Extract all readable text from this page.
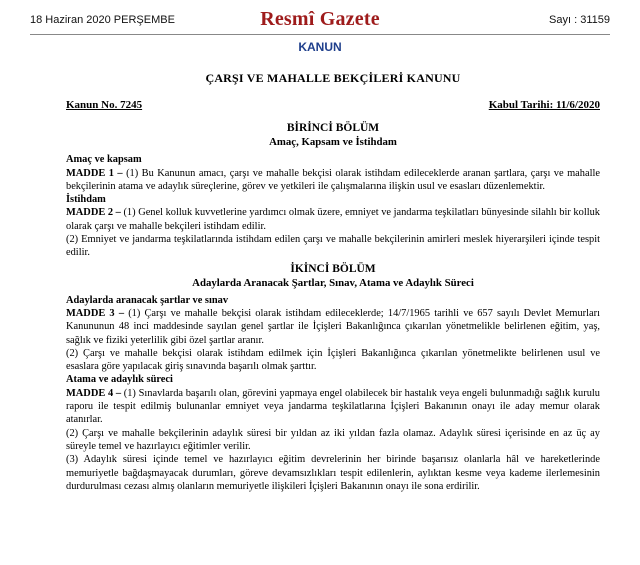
18 Haziran 2020 PERŞEMBE	Resmî Gazete	Sayı : 31159
KANUN
ÇARŞI VE MAHALLE BEKÇİLERİ KANUNU
Kanun No. 7245	Kabul Tarihi: 11/6/2020
BİRİNCİ BÖLÜM
Amaç, Kapsam ve İstihdam

Amaç ve kapsam

MADDE 1 – (1) Bu Kanunun amacı, çarşı ve mahalle bekçisi olarak istihdam edileceklerde aranan şartlara, çarşı ve mahalle bekçilerinin atama ve adaylık süreçlerine, görev ve yetkileri ile çalışmalarına ilişkin usul ve esasları düzenlemektir.

İstihdam

MADDE 2 – (1) Genel kolluk kuvvetlerine yardımcı olmak üzere, emniyet ve jandarma teşkilatları bünyesinde silahlı bir kolluk olarak çarşı ve mahalle bekçileri istihdam edilir.

(2) Emniyet ve jandarma teşkilatlarında istihdam edilen çarşı ve mahalle bekçilerinin amirleri meslek hiyerarşileri içinde tespit edilir.

İKİNCİ BÖLÜM
Adaylarda Aranacak Şartlar, Sınav, Atama ve Adaylık Süreci

Adaylarda aranacak şartlar ve sınav

MADDE 3 – (1) Çarşı ve mahalle bekçisi olarak istihdam edileceklerde; 14/7/1965 tarihli ve 657 sayılı Devlet Memurları Kanununun 48 inci maddesinde sayılan genel şartlar ile İçişleri Bakanlığınca çıkarılan yönetmelikle belirlenen eğitim, yaş, sağlık ve fiziki yeterlilik gibi özel şartlar aranır.

(2) Çarşı ve mahalle bekçisi olarak istihdam edilmek için İçişleri Bakanlığınca çıkarılan yönetmelikte belirlenen usul ve esaslara göre yapılacak giriş sınavında başarılı olmak şarttır.

Atama ve adaylık süreci

MADDE 4 – (1) Sınavlarda başarılı olan, görevini yapmaya engel olabilecek bir hastalık veya engeli bulunmadığı sağlık kurulu raporu ile tespit edilmiş bulunanlar emniyet veya jandarma teşkilatlarına İçişleri Bakanının onayı ile aday memur olarak atanırlar.

(2) Çarşı ve mahalle bekçilerinin adaylık süresi bir yıldan az iki yıldan fazla olamaz. Adaylık süresi içerisinde en az üç ay süreyle temel ve hazırlayıcı eğitimler verilir.

(3) Adaylık süresi içinde temel ve hazırlayıcı eğitim devrelerinin her birinde başarısız olanlarla hâl ve hareketlerinde memuriyetle bağdaşmayacak durumları, göreve devamsızlıkları tespit edilenlerin, aylıktan kesme veya kademe ilerlemesinin durdurulması cezası almış olanların memuriyetle ilişkileri İçişleri Bakanının onayı ile sona erdirilir.
